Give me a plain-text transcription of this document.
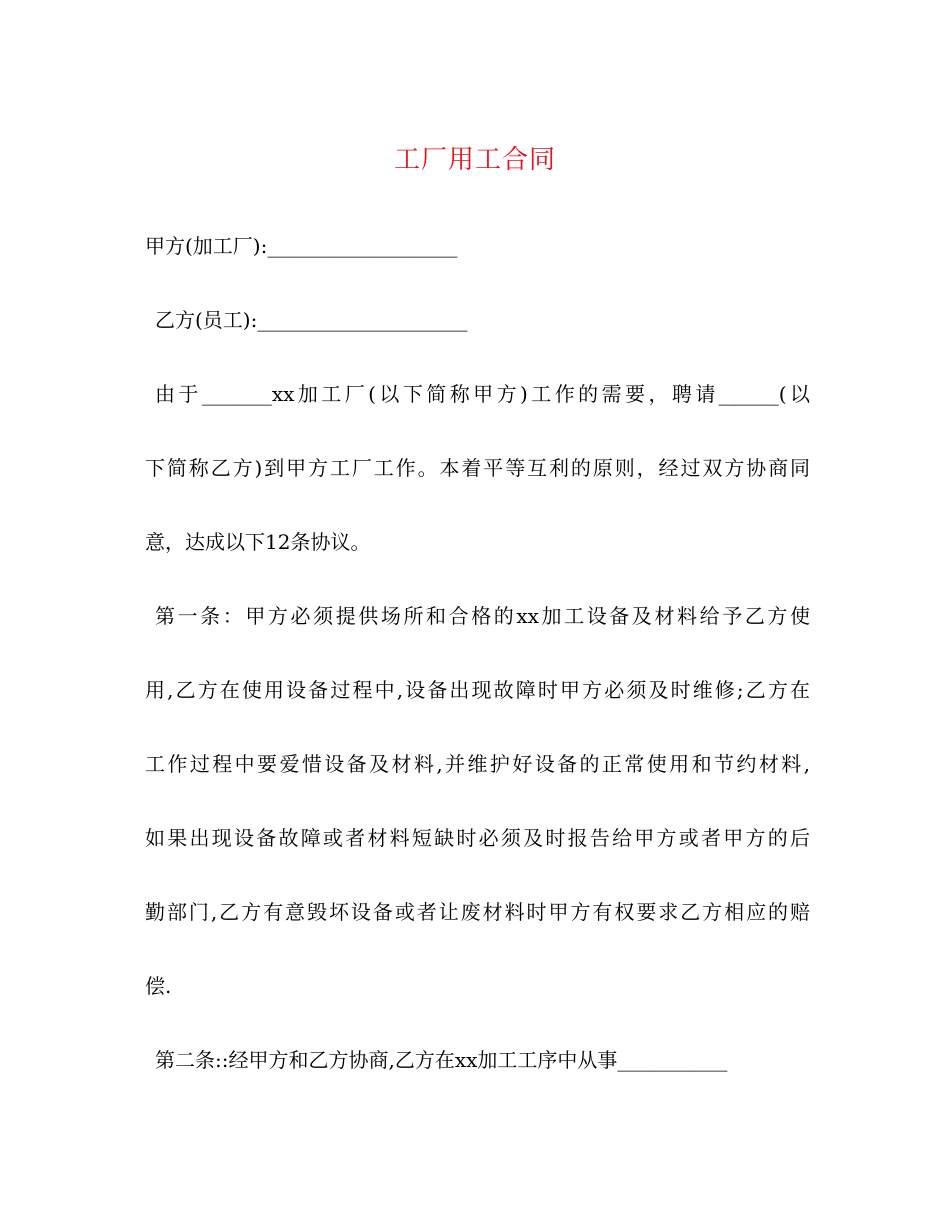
工厂用工合同
甲方(加工厂):___________________
乙方(员工):_____________________
由于_______xx加工厂(以下简称甲方)工作的需要，聘请______(以
下简称乙方)到甲方工厂工作。本着平等互利的原则，经过双方协商同
意，达成以下12条协议。
第一条：甲方必须提供场所和合格的xx加工设备及材料给予乙方使
用,乙方在使用设备过程中,设备出现故障时甲方必须及时维修;乙方在
工作过程中要爱惜设备及材料,并维护好设备的正常使用和节约材料,
如果出现设备故障或者材料短缺时必须及时报告给甲方或者甲方的后
勤部门,乙方有意毁坏设备或者让废材料时甲方有权要求乙方相应的赔
偿.
第二条::经甲方和乙方协商,乙方在xx加工工序中从事___________
